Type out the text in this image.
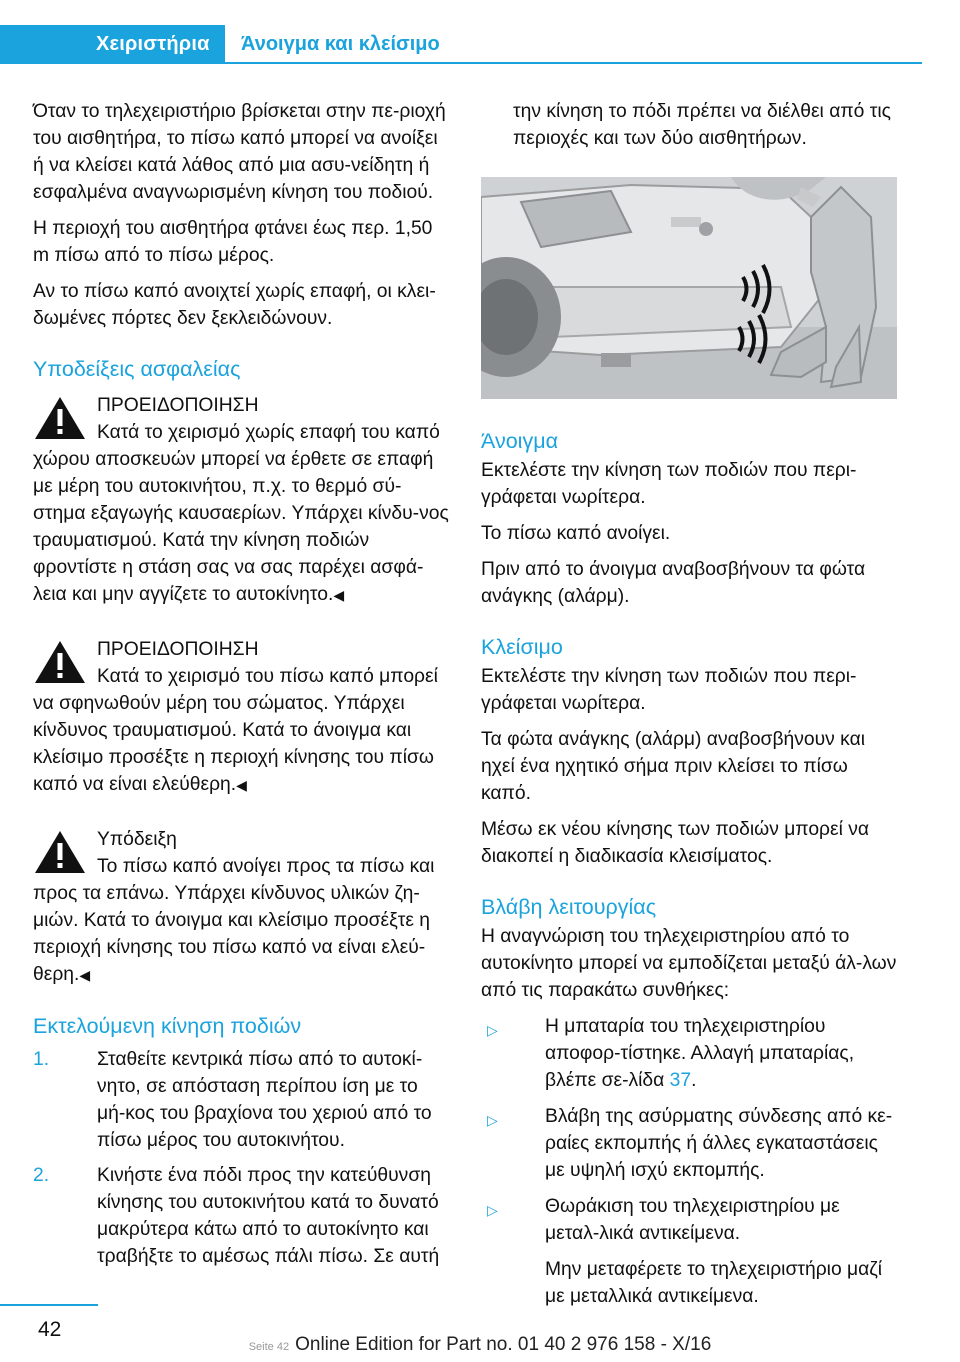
Χειριστήρια Άνοιγμα και κλείσιμο

Όταν το τηλεχειριστήριο βρίσκεται στην πε-ριοχή του αισθητήρα, το πίσω καπό μπορεί να ανοίξει ή να κλείσει κατά λάθος από μια ασυ-νείδητη ή εσφαλμένα αναγνωρισμένη κίνηση του ποδιού.

Η περιοχή του αισθητήρα φτάνει έως περ. 1,50 m πίσω από το πίσω μέρος.

Αν το πίσω καπό ανοιχτεί χωρίς επαφή, οι κλει-δωμένες πόρτες δεν ξεκλειδώνουν.

Υποδείξεις ασφαλείας
ΠΡΟΕΙΔΟΠΟΙΗΣΗ
Κατά το χειρισμό χωρίς επαφή του καπό χώρου αποσκευών μπορεί να έρθετε σε επαφή με μέρη του αυτοκινήτου, π.χ. το θερμό σύ-στημα εξαγωγής καυσαερίων. Υπάρχει κίνδυ-νος τραυματισμού. Κατά την κίνηση ποδιών φροντίστε η στάση σας να σας παρέχει ασφά-λεια και μην αγγίζετε το αυτοκίνητο.◀
ΠΡΟΕΙΔΟΠΟΙΗΣΗ
Κατά το χειρισμό του πίσω καπό μπορεί να σφηνωθούν μέρη του σώματος. Υπάρχει κίνδυνος τραυματισμού. Κατά το άνοιγμα και κλείσιμο προσέξτε η περιοχή κίνησης του πίσω καπό να είναι ελεύθερη.◀
Υπόδειξη
Το πίσω καπό ανοίγει προς τα πίσω και προς τα επάνω. Υπάρχει κίνδυνος υλικών ζη-μιών. Κατά το άνοιγμα και κλείσιμο προσέξτε η περιοχή κίνησης του πίσω καπό να είναι ελεύ-θερη.◀
Εκτελούμενη κίνηση ποδιών
1. Σταθείτε κεντρικά πίσω από το αυτοκί-νητο, σε απόσταση περίπου ίση με το μή-κος του βραχίονα του χεριού από το πίσω μέρος του αυτοκινήτου.
2. Κινήστε ένα πόδι προς την κατεύθυνση κίνησης του αυτοκινήτου κατά το δυνατό μακρύτερα κάτω από το αυτοκίνητο και τραβήξτε το αμέσως πάλι πίσω. Σε αυτή

την κίνηση το πόδι πρέπει να διέλθει από τις περιοχές και των δύο αισθητήρων.

Άνοιγμα

Εκτελέστε την κίνηση των ποδιών που περι-γράφεται νωρίτερα.

Το πίσω καπό ανοίγει.

Πριν από το άνοιγμα αναβοσβήνουν τα φώτα ανάγκης (αλάρμ).

Κλείσιμο

Εκτελέστε την κίνηση των ποδιών που περι-γράφεται νωρίτερα.

Τα φώτα ανάγκης (αλάρμ) αναβοσβήνουν και ηχεί ένα ηχητικό σήμα πριν κλείσει το πίσω καπό.

Μέσω εκ νέου κίνησης των ποδιών μπορεί να διακοπεί η διαδικασία κλεισίματος.

Βλάβη λειτουργίας

Η αναγνώριση του τηλεχειριστηρίου από το αυτοκίνητο μπορεί να εμποδίζεται μεταξύ άλ-λων από τις παρακάτω συνθήκες:

▷ Η μπαταρία του τηλεχειριστηρίου αποφορ-τίστηκε. Αλλαγή μπαταρίας, βλέπε σε-λίδα 37.
▷ Βλάβη της ασύρματης σύνδεσης από κε-ραίες εκπομπής ή άλλες εγκαταστάσεις με υψηλή ισχύ εκπομπής.
▷ Θωράκιση του τηλεχειριστηρίου με μεταλ-λικά αντικείμενα.
Μην μεταφέρετε το τηλεχειριστήριο μαζί με μεταλλικά αντικείμενα.
42
Seite 42 Online Edition for Part no. 01 40 2 976 158 - X/16
